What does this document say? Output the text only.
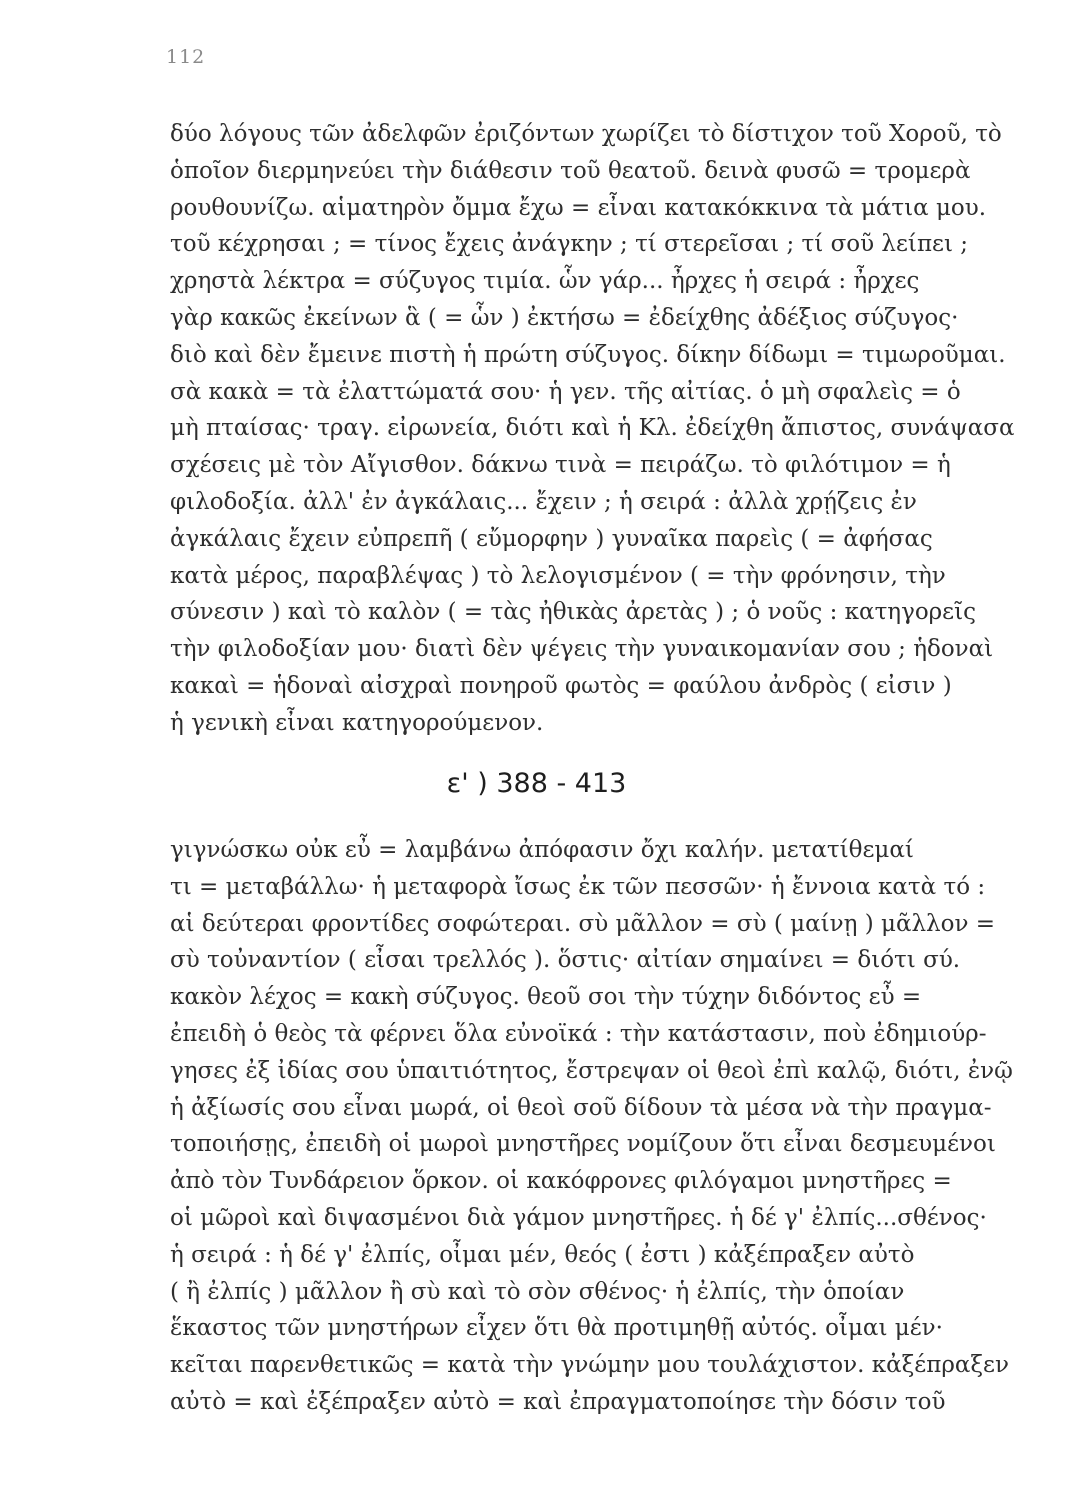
112
δύο λόγους τῶν ἀδελφῶν ἐριζόντων χωρίζει τὸ δίστιχον τοῦ Χοροῦ, τὸ
ὁποῖον διερμηνεύει τὴν διάθεσιν τοῦ θεατοῦ. δεινὰ φυσῶ = τρομερὰ
ρουθουνίζω. αἱματηρὸν ὄμμα ἔχω = εἶναι κατακόκκινα τὰ μάτια μου.
τοῦ κέχρησαι ; = τίνος ἔχεις ἀνάγκην ; τί στερεῖσαι ; τί σοῦ λείπει ;
χρηστὰ λέκτρα = σύζυγος τιμία. ὧν γάρ... ἦρχες ἡ σειρά : ἦρχες
γὰρ κακῶς ἐκείνων ἃ ( = ὧν ) ἐκτήσω = ἐδείχθης ἀδέξιος σύζυγος·
διὸ καὶ δὲν ἔμεινε πιστὴ ἡ πρώτη σύζυγος. δίκην δίδωμι = τιμωροῦμαι.
σὰ κακὰ = τὰ ἐλαττώματά σου· ἡ γεν. τῆς αἰτίας. ὁ μὴ σφαλεὶς = ὁ
μὴ πταίσας· τραγ. εἰρωνεία, διότι καὶ ἡ Κλ. ἐδείχθη ἄπιστος, συνάψασα
σχέσεις μὲ τὸν Αἴγισθον. δάκνω τινὰ = πειράζω. τὸ φιλότιμον = ἡ
φιλοδοξία. ἀλλ' ἐν ἀγκάλαις... ἔχειν ; ἡ σειρά : ἀλλὰ χρῄζεις ἐν
ἀγκάλαις ἔχειν εὐπρεπῆ ( εὔμορφην ) γυναῖκα παρεὶς ( = ἀφήσας
κατὰ μέρος, παραβλέψας ) τὸ λελογισμένον ( = τὴν φρόνησιν, τὴν
σύνεσιν ) καὶ τὸ καλὸν ( = τὰς ἠθικὰς ἀρετὰς ) ; ὁ νοῦς : κατηγορεῖς
τὴν φιλοδοξίαν μου· διατὶ δὲν ψέγεις τὴν γυναικομανίαν σου ; ἡδοναὶ
κακαὶ = ἡδοναὶ αἰσχραὶ πονηροῦ φωτὸς = φαύλου ἀνδρὸς ( εἰσιν )
ἡ γενικὴ εἶναι κατηγορούμενον.
ε' ) 388 - 413
γιγνώσκω οὐκ εὖ = λαμβάνω ἀπόφασιν ὄχι καλήν. μετατίθεμαί
τι = μεταβάλλω· ἡ μεταφορὰ ἴσως ἐκ τῶν πεσσῶν· ἡ ἔννοια κατὰ τό :
αἱ δεύτεραι φροντίδες σοφώτεραι. σὺ μᾶλλον = σὺ ( μαίνῃ ) μᾶλλον =
σὺ τοὐναντίον ( εἶσαι τρελλός ). ὅστις· αἰτίαν σημαίνει = διότι σύ.
κακὸν λέχος = κακὴ σύζυγος. θεοῦ σοι τὴν τύχην διδόντος εὖ =
ἐπειδὴ ὁ θεὸς τὰ φέρνει ὅλα εὐνοϊκά : τὴν κατάστασιν, ποὺ ἐδημιούρ-
γησες ἐξ ἰδίας σου ὑπαιτιότητος, ἔστρεψαν οἱ θεοὶ ἐπὶ καλῷ, διότι, ἐνῷ
ἡ ἀξίωσίς σου εἶναι μωρά, οἱ θεοὶ σοῦ δίδουν τὰ μέσα νὰ τὴν πραγμα-
τοποιήσῃς, ἐπειδὴ οἱ μωροὶ μνηστῆρες νομίζουν ὅτι εἶναι δεσμευμένοι
ἀπὸ τὸν Τυνδάρειον ὅρκον. οἱ κακόφρονες φιλόγαμοι μνηστῆρες =
οἱ μῶροὶ καὶ διψασμένοι διὰ γάμον μνηστῆρες. ἡ δέ γ' ἐλπίς...σθένος·
ἡ σειρά : ἡ δέ γ' ἐλπίς, οἶμαι μέν, θεός ( ἐστι ) κἀξέπραξεν αὐτὸ
( ἢ ἐλπίς ) μᾶλλον ἢ σὺ καὶ τὸ σὸν σθένος· ἡ ἐλπίς, τὴν ὁποίαν
ἕκαστος τῶν μνηστήρων εἶχεν ὅτι θὰ προτιμηθῇ αὐτός. οἶμαι μέν·
κεῖται παρενθετικῶς = κατὰ τὴν γνώμην μου τουλάχιστον. κἀξέπραξεν
αὐτὸ = καὶ ἐξέπραξεν αὐτὸ = καὶ ἐπραγματοποίησε τὴν δόσιν τοῦ
